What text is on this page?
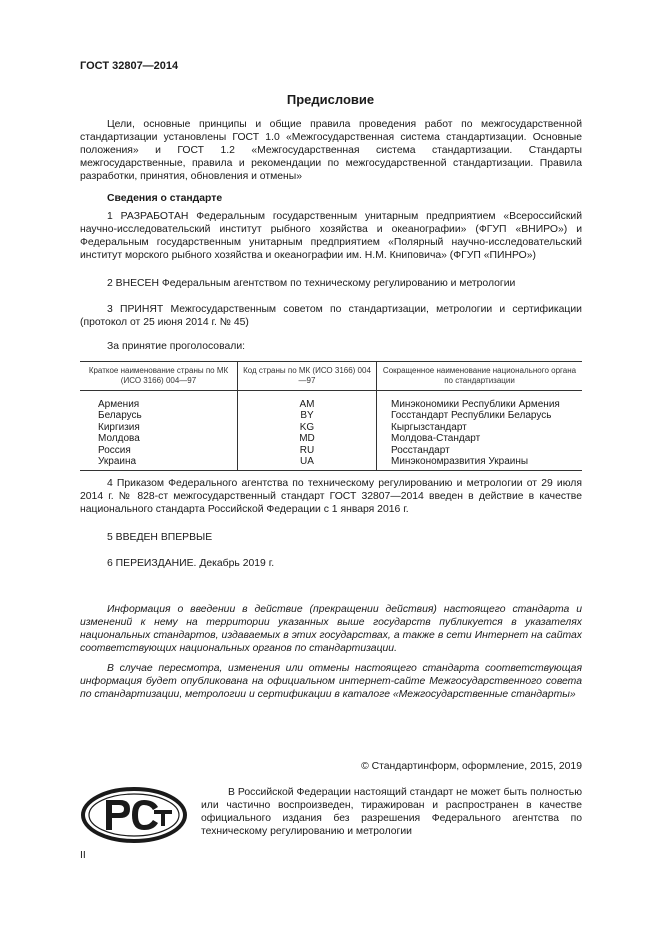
ГОСТ 32807—2014
Предисловие
Цели, основные принципы и общие правила проведения работ по межгосударственной стандартизации установлены ГОСТ 1.0 «Межгосударственная система стандартизации. Основные положения» и ГОСТ 1.2 «Межгосударственная система стандартизации. Стандарты межгосударственные, правила и рекомендации по межгосударственной стандартизации. Правила разработки, принятия, обновления и отмены»
Сведения о стандарте
1 РАЗРАБОТАН Федеральным государственным унитарным предприятием «Всероссийский научно-исследовательский институт рыбного хозяйства и океанографии» (ФГУП «ВНИРО») и Федеральным государственным унитарным предприятием «Полярный научно-исследовательский институт морского рыбного хозяйства и океанографии им. Н.М. Книповича» (ФГУП «ПИНРО»)
2 ВНЕСЕН Федеральным агентством по техническому регулированию и метрологии
3 ПРИНЯТ Межгосударственным советом по стандартизации, метрологии и сертификации (протокол от 25 июня 2014 г. № 45)
За принятие проголосовали:
Краткое наименование страны по МК (ИСО 3166) 004—97	Код страны по МК (ИСО 3166) 004—97	Сокращенное наименование национального органа по стандартизации
Армения	AM	Минэкономики Республики Армения
Беларусь	BY	Госстандарт Республики Беларусь
Киргизия	KG	Кыргызстандарт
Молдова	MD	Молдова-Стандарт
Россия	RU	Росстандарт
Украина	UA	Минэкономразвития Украины
4 Приказом Федерального агентства по техническому регулированию и метрологии от 29 июля 2014 г. № 828-ст межгосударственный стандарт ГОСТ 32807—2014 введен в действие в качестве национального стандарта Российской Федерации с 1 января 2016 г.
5 ВВЕДЕН ВПЕРВЫЕ
6 ПЕРЕИЗДАНИЕ. Декабрь 2019 г.
Информация о введении в действие (прекращении действия) настоящего стандарта и изменений к нему на территории указанных выше государств публикуется в указателях национальных стандартов, издаваемых в этих государствах, а также в сети Интернет на сайтах соответствующих национальных органов по стандартизации.
В случае пересмотра, изменения или отмены настоящего стандарта соответствующая информация будет опубликована на официальном интернет-сайте Межгосударственного совета по стандартизации, метрологии и сертификации в каталоге «Межгосударственные стандарты»
© Стандартинформ, оформление, 2015, 2019
В Российской Федерации настоящий стандарт не может быть полностью или частично воспроизведен, тиражирован и распространен в качестве официального издания без разрешения Федерального агентства по техническому регулированию и метрологии
II
